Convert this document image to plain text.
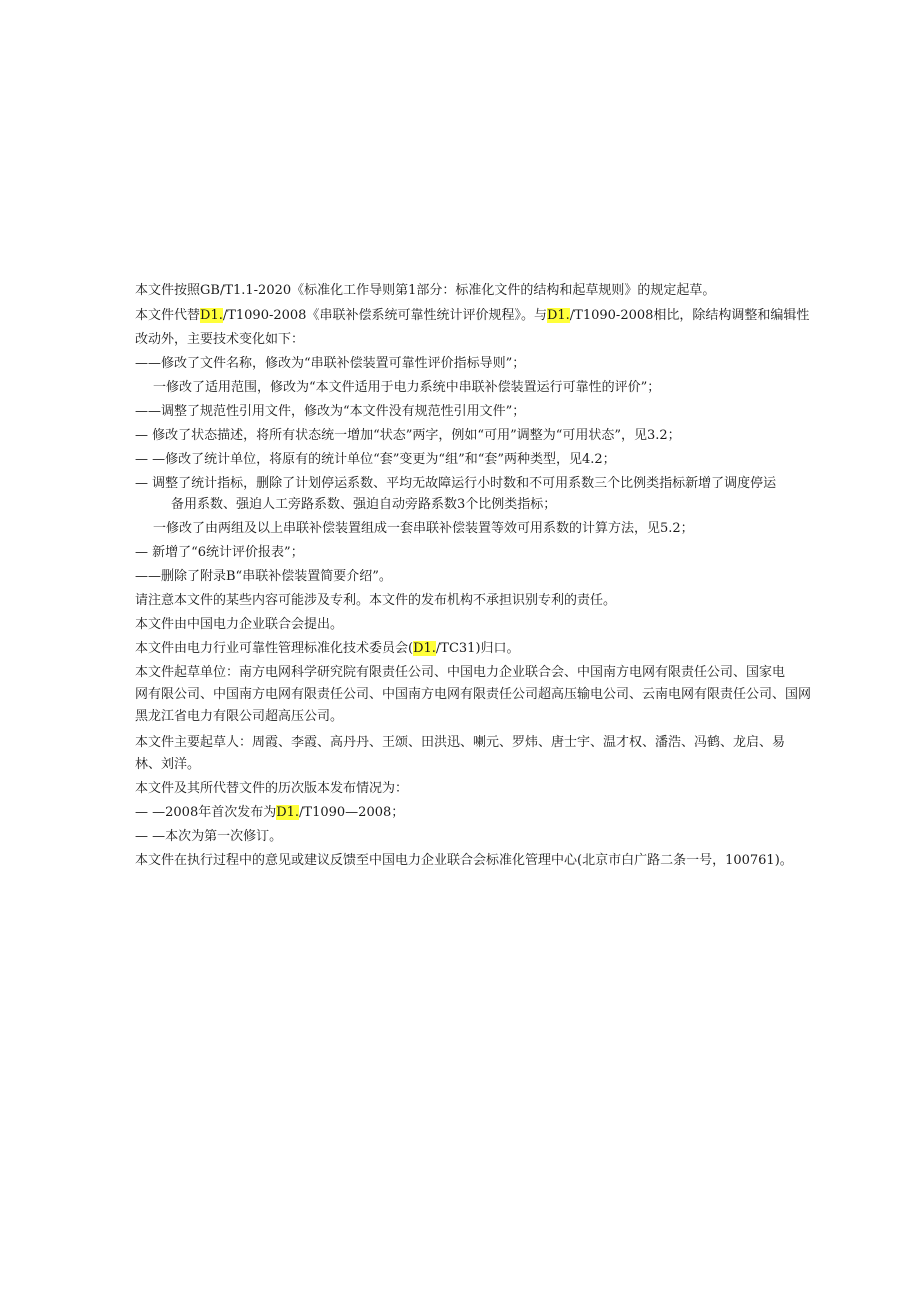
本文件按照GB/T1.1-2020《标准化工作导则第1部分：标准化文件的结构和起草规则》的规定起草。
本文件代替D1./T1090-2008《串联补偿系统可靠性统计评价规程》。与D1./T1090-2008相比，除结构调整和编辑性
改动外，主要技术变化如下：
——修改了文件名称，修改为“串联补偿装置可靠性评价指标导则”；
一修改了适用范围，修改为“本文件适用于电力系统中串联补偿装置运行可靠性的评价”；
——调整了规范性引用文件，修改为“本文件没有规范性引用文件”；
— 修改了状态描述，将所有状态统一增加“状态”两字，例如“可用”调整为“可用状态”，见3.2；
— —修改了统计单位，将原有的统计单位“套”变更为“组”和“套”两种类型，见4.2；
— 调整了统计指标，删除了计划停运系数、平均无故障运行小时数和不可用系数三个比例类指标新增了调度停运
备用系数、强迫人工旁路系数、强迫自动旁路系数3个比例类指标；
一修改了由两组及以上串联补偿装置组成一套串联补偿装置等效可用系数的计算方法，见5.2；
— 新增了“6统计评价报表”；
——删除了附录B“串联补偿装置简要介绍”。
请注意本文件的某些内容可能涉及专利。本文件的发布机构不承担识别专利的责任。
本文件由中国电力企业联合会提出。
本文件由电力行业可靠性管理标准化技术委员会(D1./TC31)归口。
本文件起草单位：南方电网科学研究院有限责任公司、中国电力企业联合会、中国南方电网有限责任公司、国家电
网有限公司、中国南方电网有限责任公司、中国南方电网有限责任公司超高压输电公司、云南电网有限责任公司、国网
黑龙江省电力有限公司超高压公司。
本文件主要起草人：周霞、李霞、高丹丹、王颂、田洪迅、喇元、罗炜、唐士宇、温才权、潘浩、冯鹤、龙启、易
林、刘洋。
本文件及其所代替文件的历次版本发布情况为：
— —2008年首次发布为D1./T1090—2008；
— —本次为第一次修订。
本文件在执行过程中的意见或建议反馈至中国电力企业联合会标准化管理中心(北京市白广路二条一号，100761)。
